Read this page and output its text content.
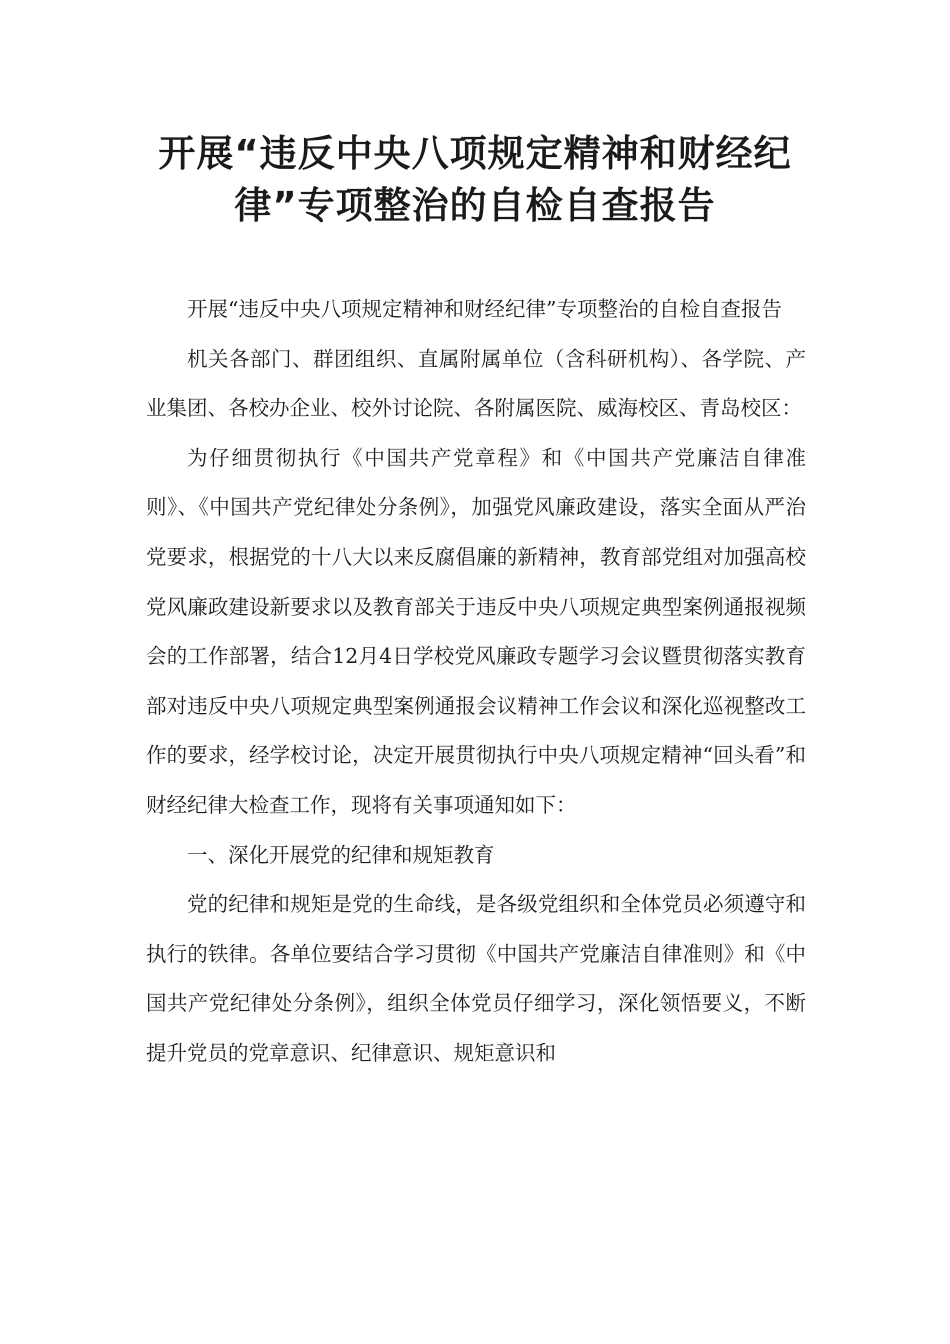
开展“违反中央八项规定精神和财经纪
律”专项整治的自检自查报告

开展“违反中央八项规定精神和财经纪律”专项整治的自检自查报告

机关各部门、群团组织、直属附属单位（含科研机构）、各学院、产业集团、各校办企业、校外讨论院、各附属医院、威海校区、青岛校区：

为仔细贯彻执行《中国共产党章程》和《中国共产党廉洁自律准则》、《中国共产党纪律处分条例》，加强党风廉政建设，落实全面从严治党要求，根据党的十八大以来反腐倡廉的新精神，教育部党组对加强高校党风廉政建设新要求以及教育部关于违反中央八项规定典型案例通报视频会的工作部署，结合12月4日学校党风廉政专题学习会议暨贯彻落实教育部对违反中央八项规定典型案例通报会议精神工作会议和深化巡视整改工作的要求，经学校讨论，决定开展贯彻执行中央八项规定精神“回头看”和财经纪律大检查工作，现将有关事项通知如下：

一、深化开展党的纪律和规矩教育

党的纪律和规矩是党的生命线，是各级党组织和全体党员必须遵守和执行的铁律。各单位要结合学习贯彻《中国共产党廉洁自律准则》和《中国共产党纪律处分条例》，组织全体党员仔细学习，深化领悟要义，不断提升党员的党章意识、纪律意识、规矩意识和
